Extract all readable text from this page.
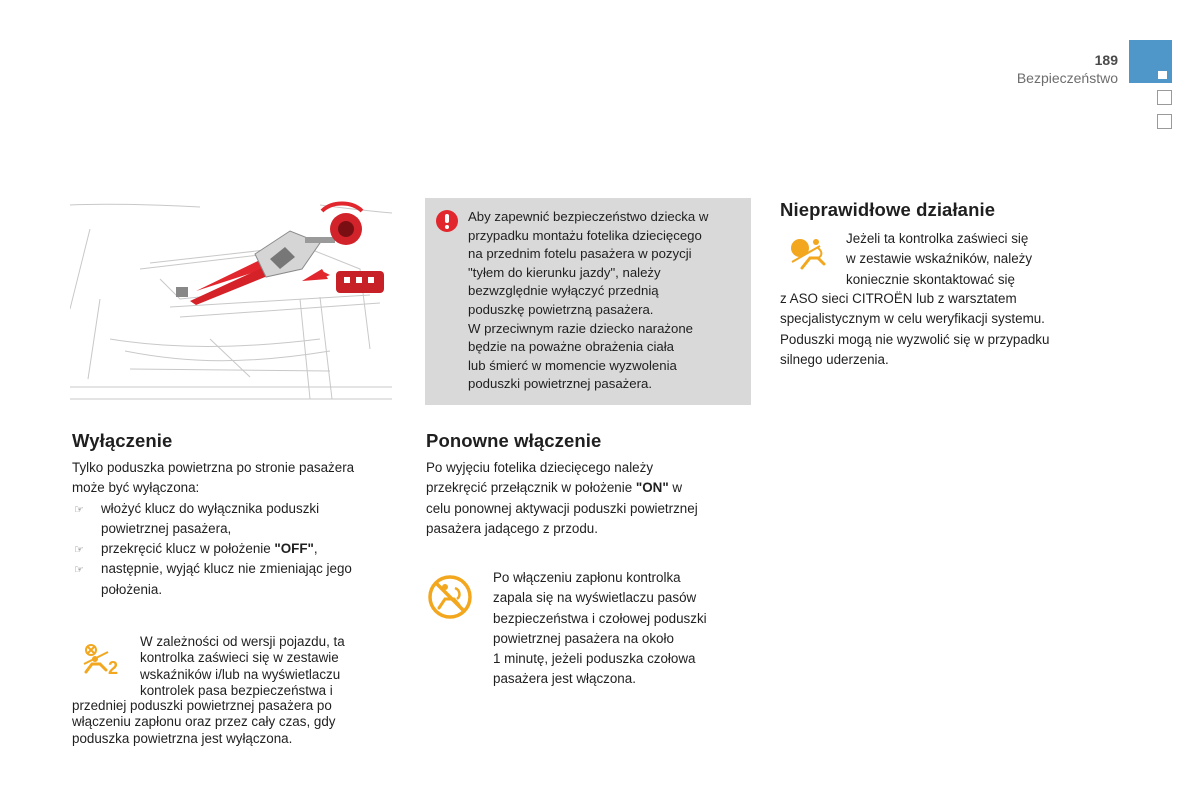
189
Bezpieczeństwo
Aby zapewnić bezpieczeństwo dziecka w
przypadku montażu fotelika dziecięcego
na przednim fotelu pasażera w pozycji
"tyłem do kierunku jazdy", należy
bezwzględnie wyłączyć przednią
poduszkę powietrzną pasażera.
W przeciwnym razie dziecko narażone
będzie na poważne obrażenia ciała
lub śmierć w momencie wyzwolenia
poduszki powietrznej pasażera.
Wyłączenie
Tylko poduszka powietrzna po stronie pasażera
może być wyłączona:
☞ włożyć klucz do wyłącznika poduszki
powietrznej pasażera,
☞ przekręcić klucz w położenie "OFF",
☞ następnie, wyjąć klucz nie zmieniając jego
położenia.
2
W zależności od wersji pojazdu, ta
kontrolka zaświeci się w zestawie
wskaźników i/lub na wyświetlaczu
kontrolek pasa bezpieczeństwa i
przedniej poduszki powietrznej pasażera po
włączeniu zapłonu oraz przez cały czas, gdy
poduszka powietrzna jest wyłączona.
Ponowne włączenie
Po wyjęciu fotelika dziecięcego należy
przekręcić przełącznik w położenie "ON" w
celu ponownej aktywacji poduszki powietrznej
pasażera jadącego z przodu.
Po włączeniu zapłonu kontrolka
zapala się na wyświetlaczu pasów
bezpieczeństwa i czołowej poduszki
powietrznej pasażera na około
1 minutę, jeżeli poduszka czołowa
pasażera jest włączona.
Nieprawidłowe działanie
Jeżeli ta kontrolka zaświeci się
w zestawie wskaźników, należy
koniecznie skontaktować się
z ASO sieci CITROËN lub z warsztatem
specjalistycznym w celu weryfikacji systemu.
Poduszki mogą nie wyzwolić się w przypadku
silnego uderzenia.
